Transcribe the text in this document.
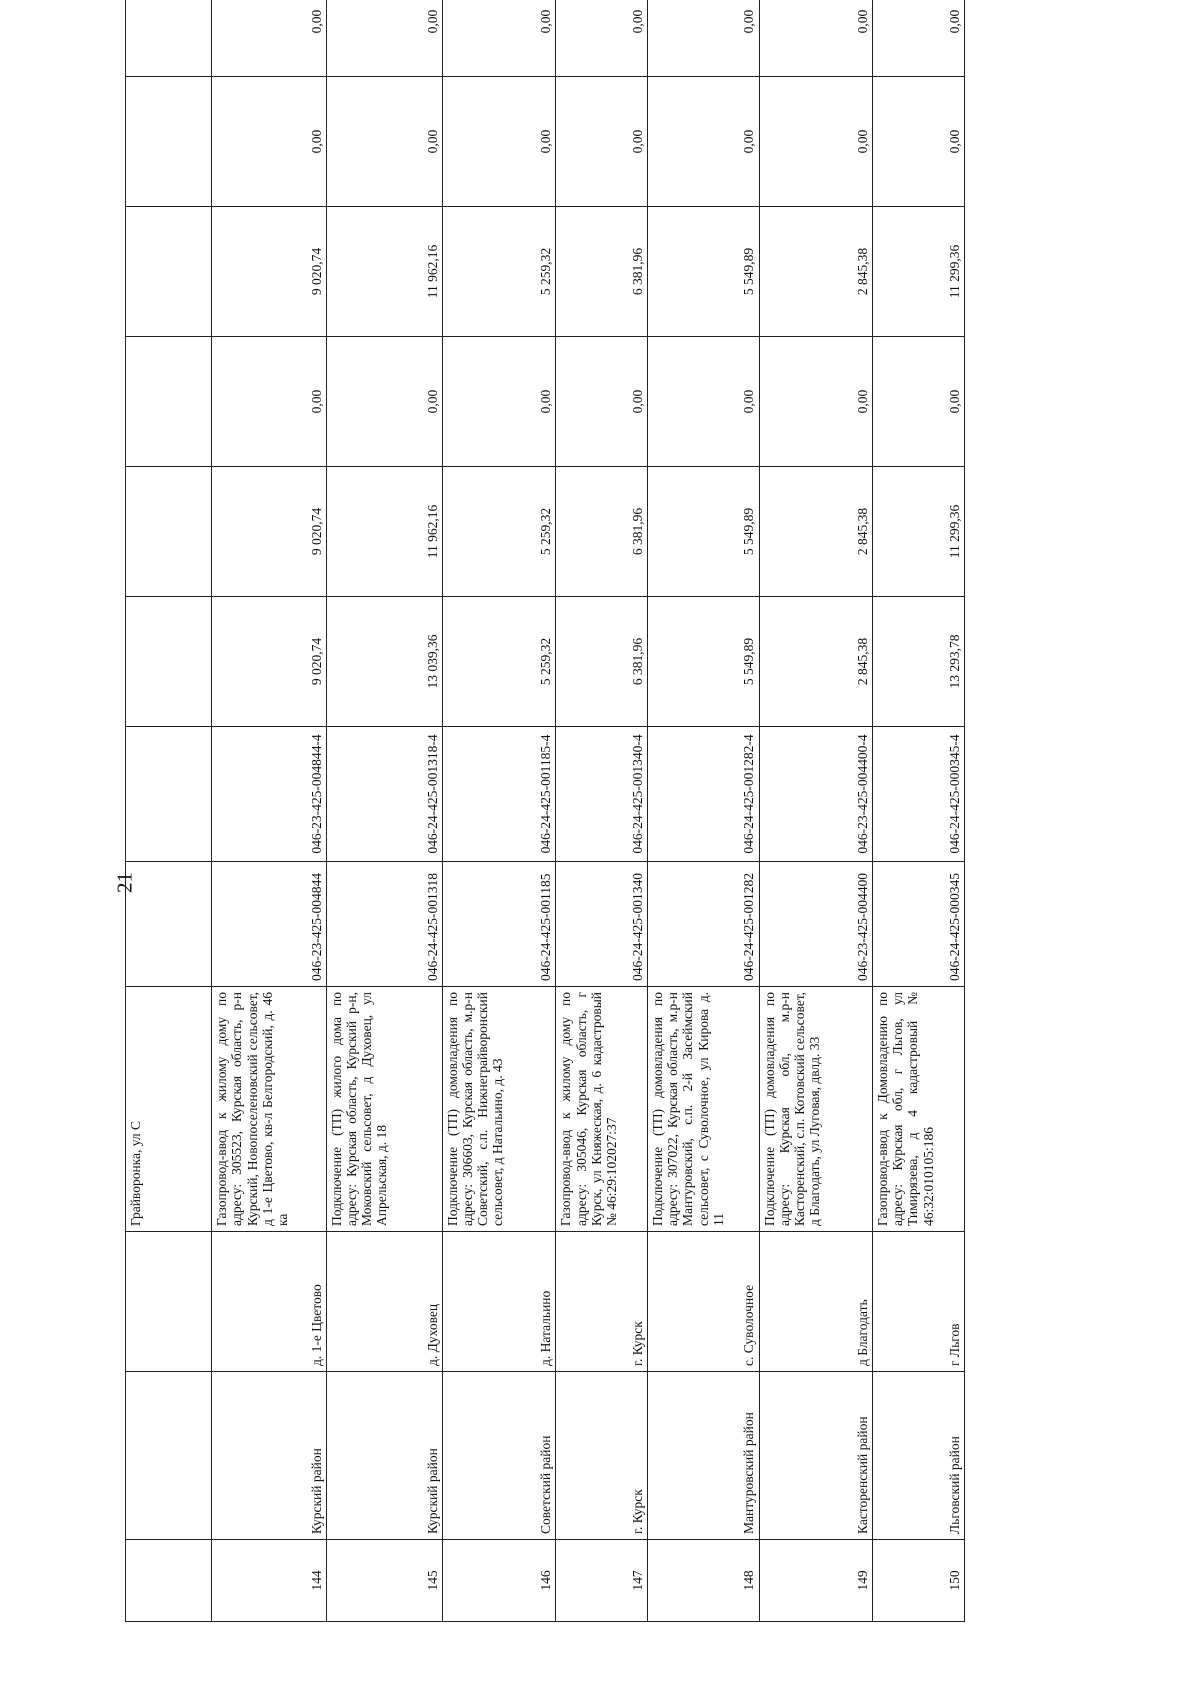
21
			Грайворонка, ул С								
144	Курский район	д. 1-е Цветово	Газопровод-ввод к жилому дому по адресу: 305523, Курская область, р-н Курский, Новопоселеновский сельсовет, д 1-е Цветово, кв-л Белгородский, д. 46 ка	046-23-425-004844	046-23-425-004844-4	9 020,74	9 020,74	0,00	9 020,74	0,00	0,00
145	Курский район	д. Духовец	Подключение (ТП) жилого дома по адресу: Курская область, Курский р-н, Моковский сельсовет, д Духовец, ул Апрельская, д. 18	046-24-425-001318	046-24-425-001318-4	13 039,36	11 962,16	0,00	11 962,16	0,00	0,00
146	Советский район	д. Натальино	Подключение (ТП) домовладения по адресу: 306603, Курская область, м.р-н Советский, с.п. Нижнеграйворонский сельсовет, д Натальино, д. 43	046-24-425-001185	046-24-425-001185-4	5 259,32	5 259,32	0,00	5 259,32	0,00	0,00
147	г. Курск	г. Курск	Газопровод-ввод к жилому дому по адресу: 305046, Курская область, г Курск, ул Княжеская, д. 6 кадастровый № 46:29:102027:37	046-24-425-001340	046-24-425-001340-4	6 381,96	6 381,96	0,00	6 381,96	0,00	0,00
148	Мантуровский район	с. Суволочное	Подключение (ТП) домовладения по адресу: 307022, Курская область, м.р-н Мантуровский, с.п. 2-й Засеймский сельсовет, с Суволочное, ул Кирова д. 11	046-24-425-001282	046-24-425-001282-4	5 549,89	5 549,89	0,00	5 549,89	0,00	0,00
149	Касторенский район	д Благодать	Подключение (ТП) домовладения по адресу: Курская обл, м.р-н Касторенский, с.п. Котовский сельсовет, д Благодать, ул Луговая, двлд. 33	046-23-425-004400	046-23-425-004400-4	2 845,38	2 845,38	0,00	2 845,38	0,00	0,00
150	Льговский район	г Льгов	Газопровод-ввод к Домовладению по адресу: Курская обл, г Льгов, ул Тимирязева, д 4 кадастровый № 46:32:010105:186	046-24-425-000345	046-24-425-000345-4	13 293,78	11 299,36	0,00	11 299,36	0,00	0,00
